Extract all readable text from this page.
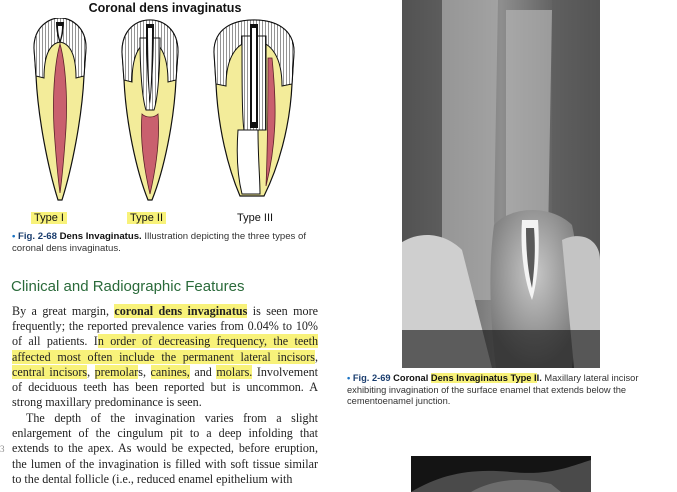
Coronal dens invaginatus
Type I	Type II	Type III
• Fig. 2-68 Dens Invaginatus. Illustration depicting the three types of coronal dens invaginatus.
Clinical and Radiographic Features
By a great margin, coronal dens invaginatus is seen more frequently; the reported prevalence varies from 0.04% to 10% of all patients. In order of decreasing frequency, the teeth affected most often include the permanent lateral incisors, central incisors, premolars, canines, and molars. Involvement of deciduous teeth has been reported but is uncommon. A strong maxillary predominance is seen.
The depth of the invagination varies from a slight enlargement of the cingulum pit to a deep infolding that extends to the apex. As would be expected, before eruption, the lumen of the invagination is filled with soft tissue similar to the dental follicle (i.e., reduced enamel epithelium with
3
• Fig. 2-69 Coronal Dens Invaginatus Type II. Maxillary lateral incisor exhibiting invagination of the surface enamel that extends below the cementoenamel junction.
